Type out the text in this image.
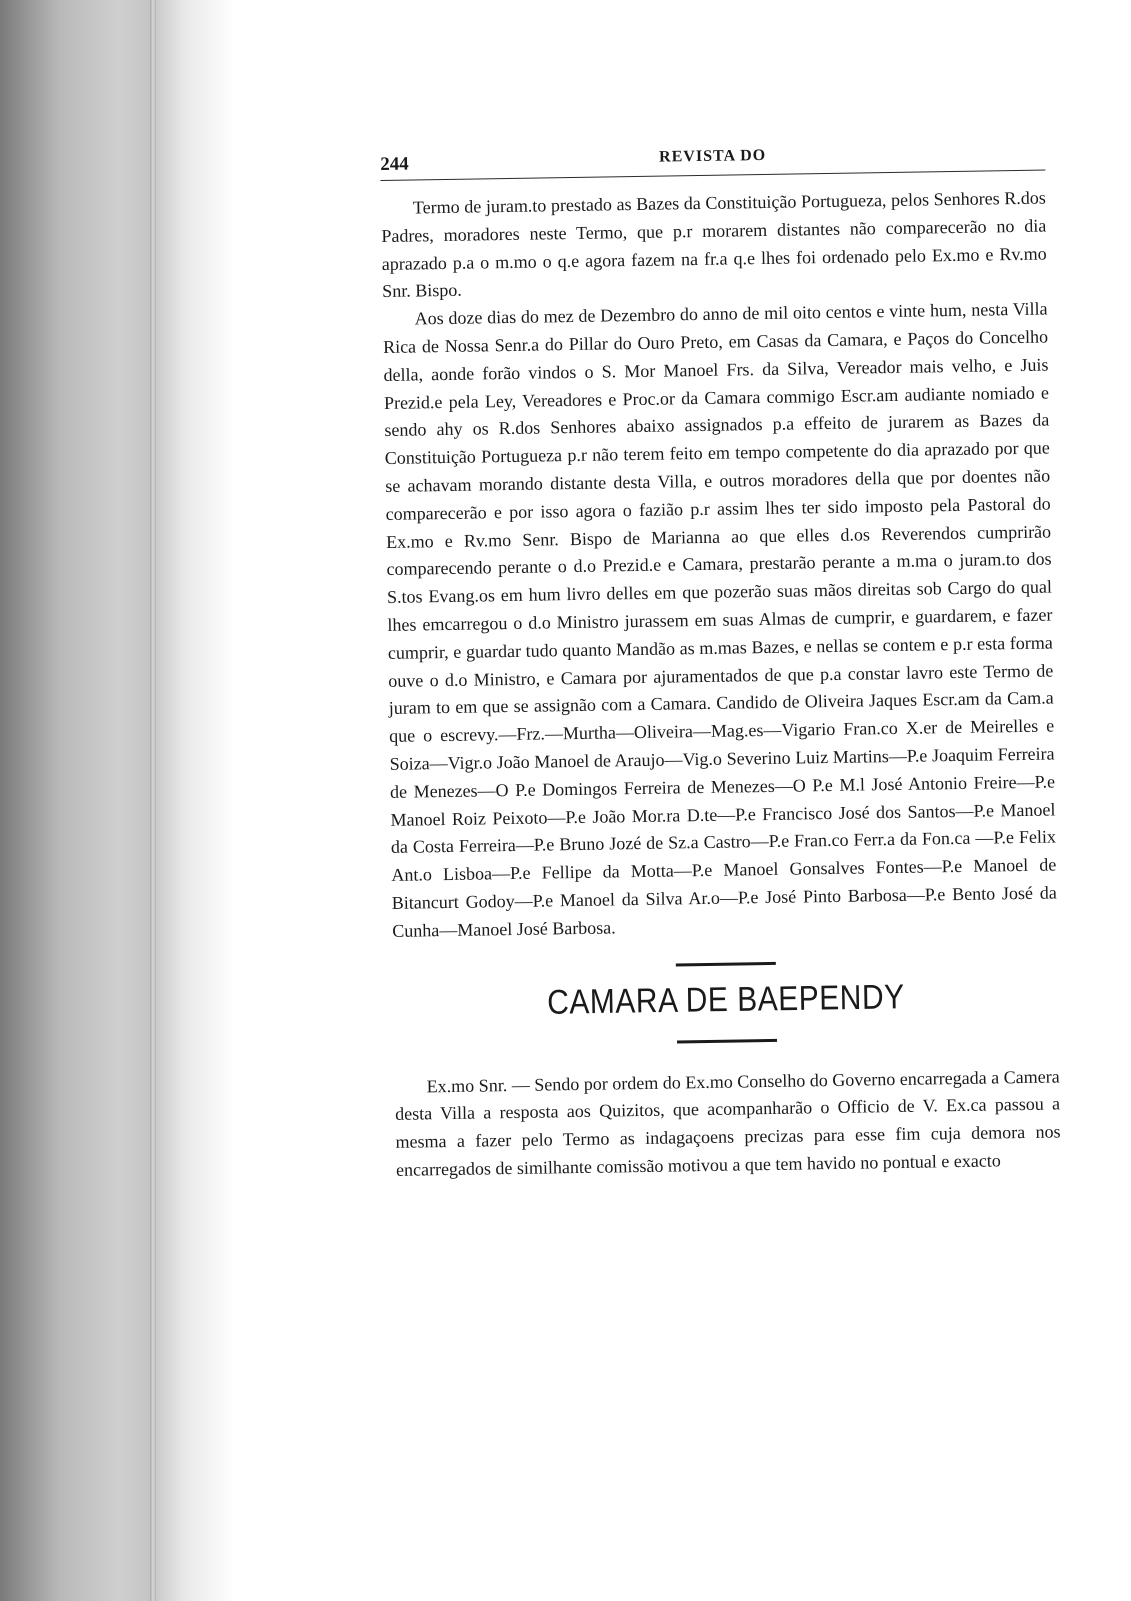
244	REVISTA DO

Termo de juram.to prestado as Bazes da Constituição Portugueza, pelos Senhores R.dos Padres, moradores neste Termo, que p.r morarem distantes não comparecerão no dia aprazado p.a o m.mo o q.e agora fazem na fr.a q.e lhes foi ordenado pelo Ex.mo e Rv.mo Snr. Bispo.

Aos doze dias do mez de Dezembro do anno de mil oito centos e vinte hum, nesta Villa Rica de Nossa Senr.a do Pillar do Ouro Preto, em Casas da Camara, e Paços do Concelho della, aonde forão vindos o S. Mor Manoel Frs. da Silva, Vereador mais velho, e Juis Prezid.e pela Ley, Vereadores e Proc.or da Camara commigo Escr.am audiante nomiado e sendo ahy os R.dos Senhores abaixo assignados p.a effeito de jurarem as Bazes da Constituição Portugueza p.r não terem feito em tempo competente do dia aprazado por que se achavam morando distante desta Villa, e outros moradores della que por doentes não comparecerão e por isso agora o fazião p.r assim lhes ter sido imposto pela Pastoral do Ex.mo e Rv.mo Senr. Bispo de Marianna ao que elles d.os Reverendos cumprirão comparecendo perante o d.o Prezid.e e Camara, prestarão perante a m.ma o juram.to dos S.tos Evang.os em hum livro delles em que pozerão suas mãos direitas sob Cargo do qual lhes emcarregou o d.o Ministro jurassem em suas Almas de cumprir, e guardarem, e fazer cumprir, e guardar tudo quanto Mandão as m.mas Bazes, e nellas se contem e p.r esta forma ouve o d.o Ministro, e Camara por ajuramentados de que p.a constar lavro este Termo de juram to em que se assignão com a Camara. Candido de Oliveira Jaques Escr.am da Cam.a que o escrevy.—Frz.—Murtha—Oliveira—Mag.es—Vigario Fran.co X.er de Meirelles e Soiza—Vigr.o João Manoel de Araujo—Vig.o Severino Luiz Martins—P.e Joaquim Ferreira de Menezes—O P.e Domingos Ferreira de Menezes—O P.e M.l José Antonio Freire—P.e Manoel Roiz Peixoto—P.e João Mor.ra D.te—P.e Francisco José dos Santos—P.e Manoel da Costa Ferreira—P.e Bruno Jozé de Sz.a Castro—P.e Fran.co Ferr.a da Fon.ca —P.e Felix Ant.o Lisboa—P.e Fellipe da Motta—P.e Manoel Gonsalves Fontes—P.e Manoel de Bitancurt Godoy—P.e Manoel da Silva Ar.o—P.e José Pinto Barbosa—P.e Bento José da Cunha—Manoel José Barbosa.

CAMARA DE BAEPENDY

Ex.mo Snr. — Sendo por ordem do Ex.mo Conselho do Governo encarregada a Camera desta Villa a resposta aos Quizitos, que acompanharão o Officio de V. Ex.ca passou a mesma a fazer pelo Termo as indagaçoens precizas para esse fim cuja demora nos encarregados de similhante comissão motivou a que tem havido no pontual e exacto
